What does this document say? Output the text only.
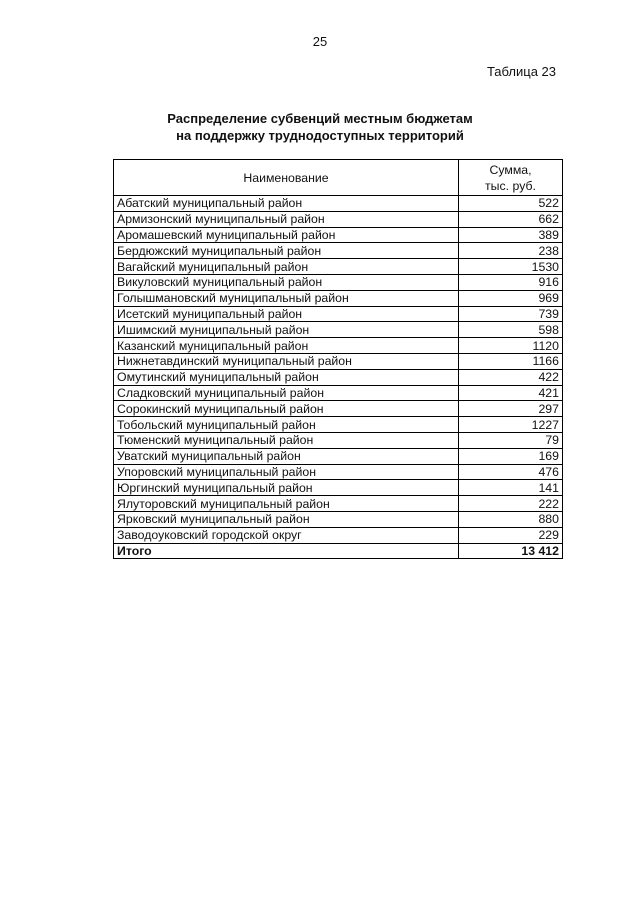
25
Таблица 23
Распределение субвенций местным бюджетам
на поддержку труднодоступных территорий
Наименование	Сумма,
тыс. руб.
Абатский муниципальный район	522
Армизонский муниципальный район	662
Аромашевский муниципальный район	389
Бердюжский муниципальный район	238
Вагайский муниципальный район	1530
Викуловский муниципальный район	916
Голышмановский муниципальный район	969
Исетский муниципальный район	739
Ишимский муниципальный район	598
Казанский муниципальный район	1120
Нижнетавдинский муниципальный район	1166
Омутинский муниципальный район	422
Сладковский муниципальный район	421
Сорокинский муниципальный район	297
Тобольский муниципальный район	1227
Тюменский муниципальный район	79
Уватский муниципальный район	169
Упоровский муниципальный район	476
Юргинский муниципальный район	141
Ялуторовский муниципальный район	222
Ярковский муниципальный район	880
Заводоуковский городской округ	229
Итого	13 412
